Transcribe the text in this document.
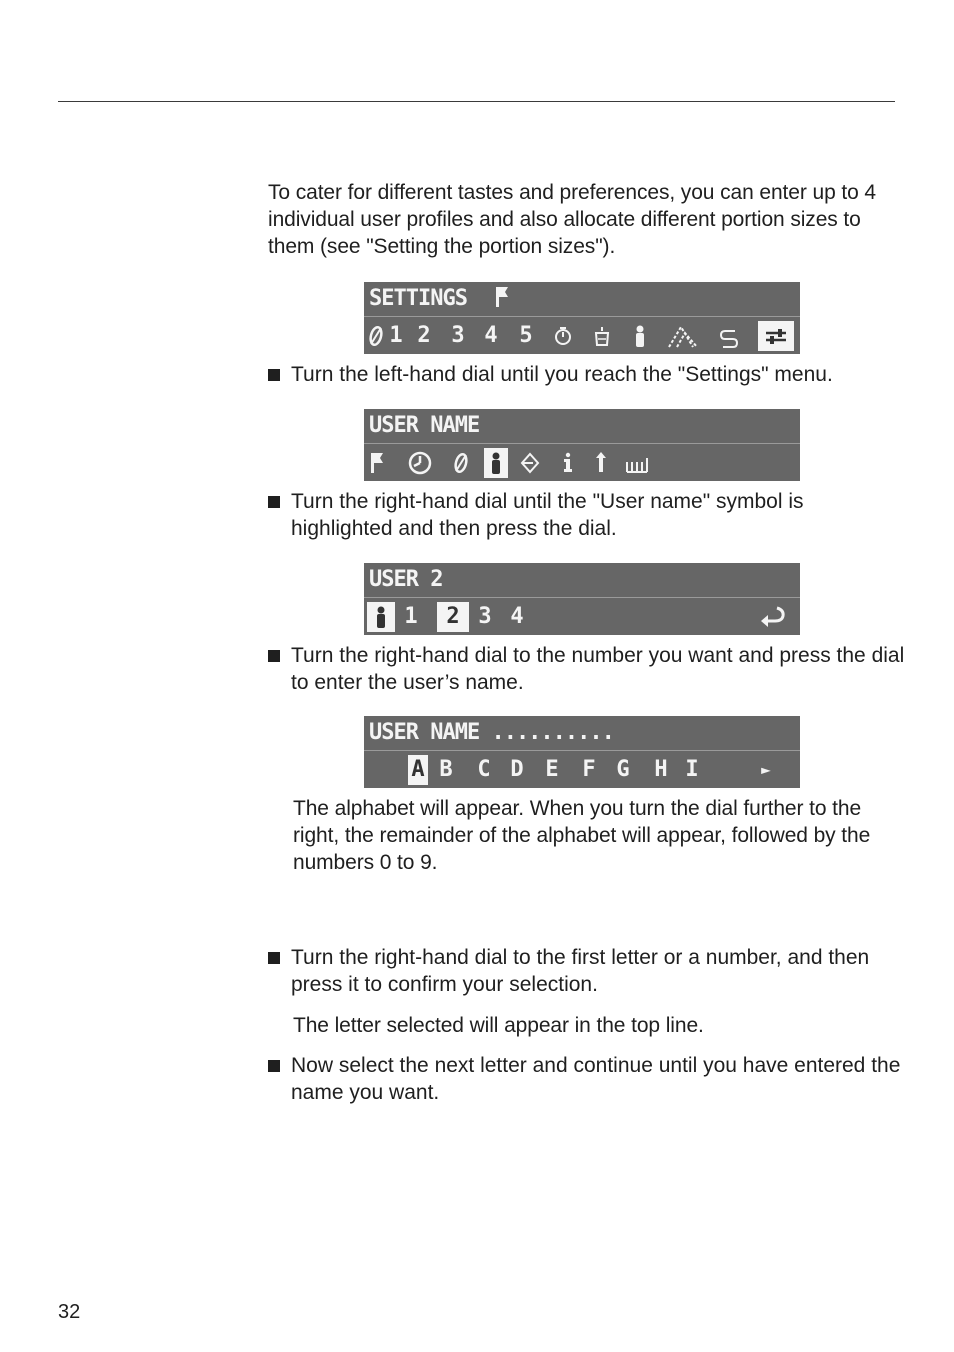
To cater for different tastes and preferences, you can enter up to 4 individual user profiles and also allocate different portion sizes to them (see "Setting the portion sizes").

SETTINGS
1 2 3 4 5
Turn the left-hand dial until you reach the "Settings" menu.
USER NAME
Turn the right-hand dial until the "User name" symbol is highlighted and then press the dial.
USER 2
1	2 3 4
Turn the right-hand dial to the number you want and press the dial to enter the user’s name.
USER NAME ..........
A B C D E F G H I	►

The alphabet will appear. When you turn the dial further to the right, the remainder of the alphabet will appear, followed by the numbers 0 to 9.

Turn the right-hand dial to the first letter or a number, and then press it to confirm your selection.

The letter selected will appear in the top line.

Now select the next letter and continue until you have entered the name you want.
32
